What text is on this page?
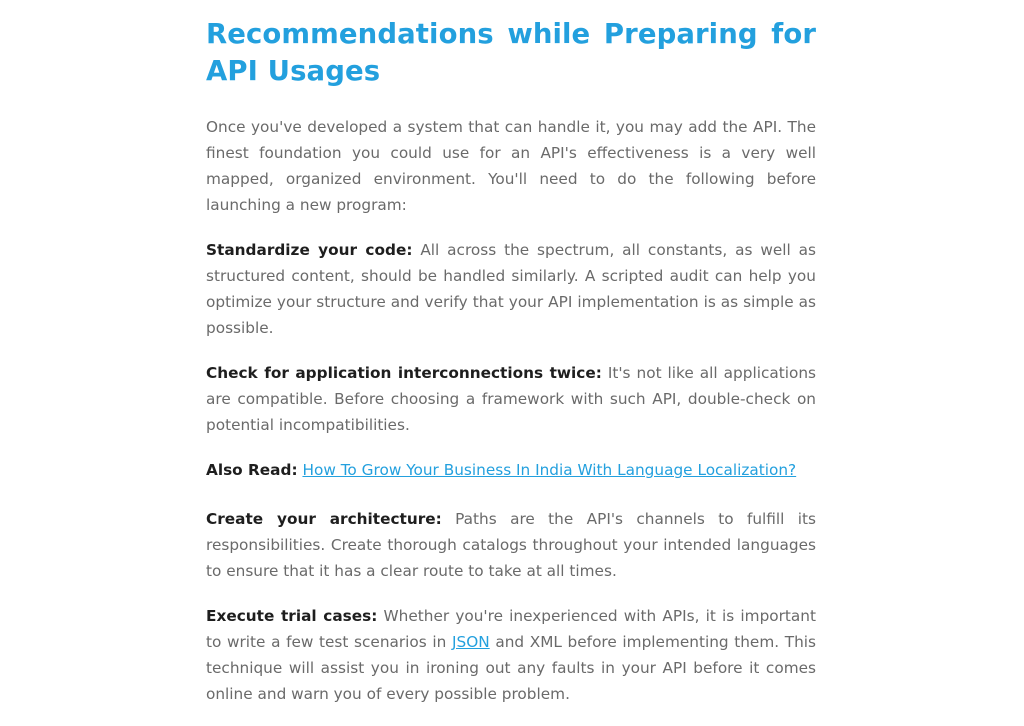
Recommendations while Preparing for API Usages

Once you've developed a system that can handle it, you may add the API. The finest foundation you could use for an API's effectiveness is a very well mapped, organized environment. You'll need to do the following before launching a new program:

Standardize your code: All across the spectrum, all constants, as well as structured content, should be handled similarly. A scripted audit can help you optimize your structure and verify that your API implementation is as simple as possible.

Check for application interconnections twice: It's not like all applications are compatible. Before choosing a framework with such API, double-check on potential incompatibilities.

Also Read: How To Grow Your Business In India With Language Localization?

Create your architecture: Paths are the API's channels to fulfill its responsibilities. Create thorough catalogs throughout your intended languages to ensure that it has a clear route to take at all times.

Execute trial cases: Whether you're inexperienced with APIs, it is important to write a few test scenarios in JSON and XML before implementing them. This technique will assist you in ironing out any faults in your API before it comes online and warn you of every possible problem.
